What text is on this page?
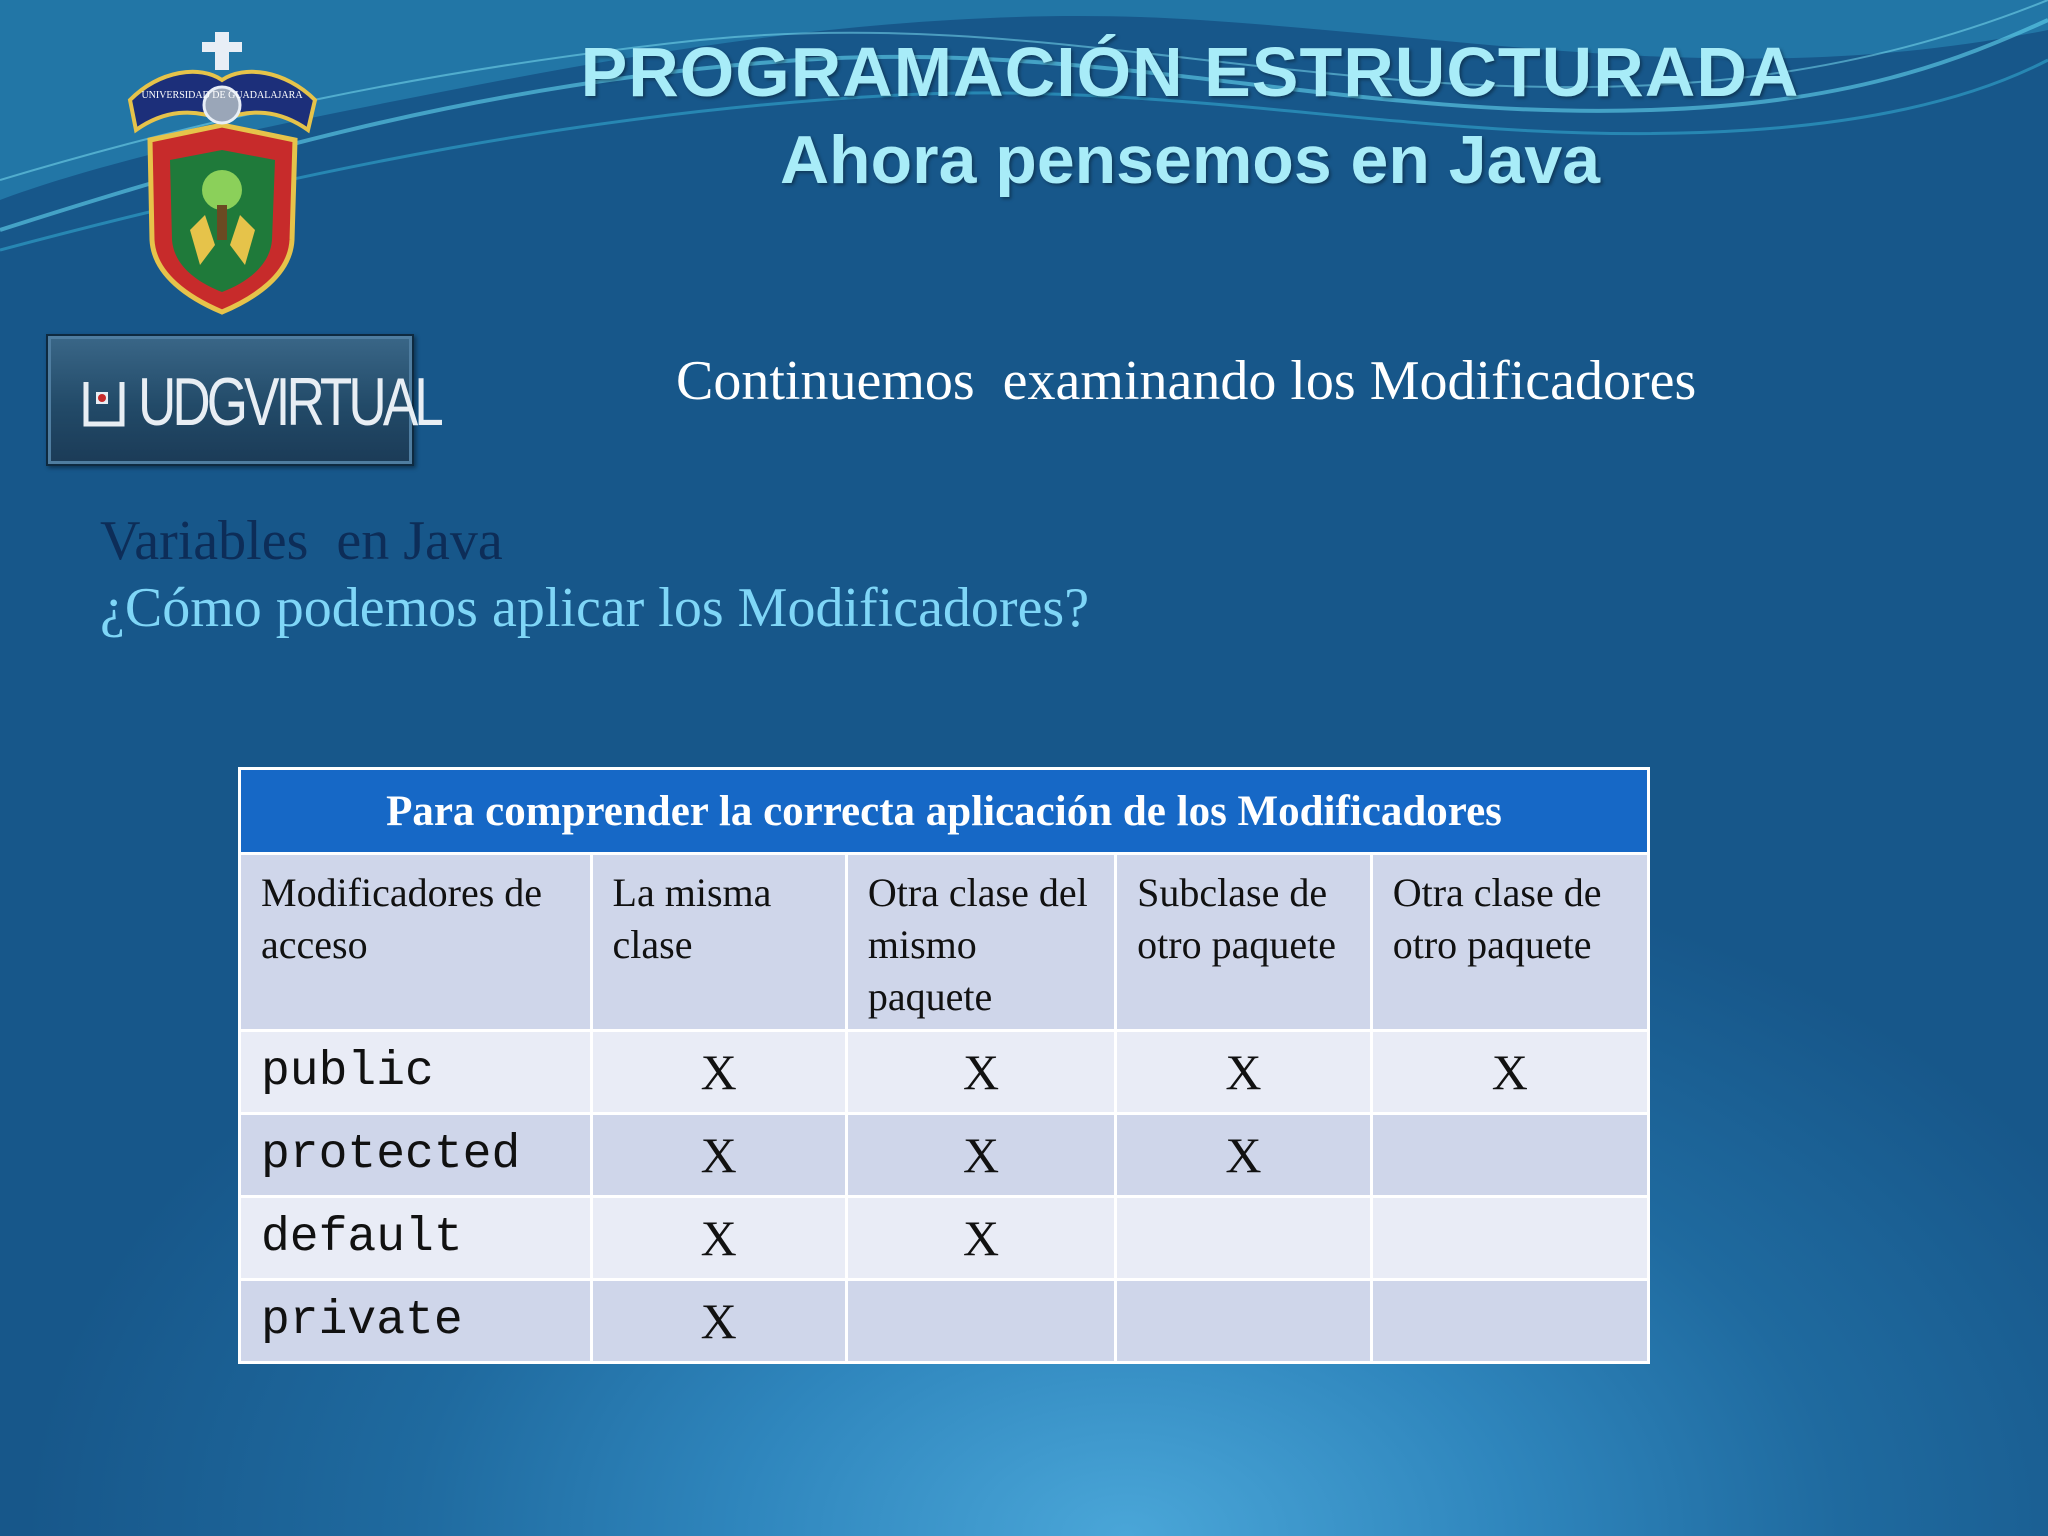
PROGRAMACIÓN ESTRUCTURADA
Ahora pensemos en Java
UNIVERSIDAD DE GUADALAJARA
UDGVIRTUAL	Continuemos  examinando los Modificadores
Variables  en Java
¿Cómo podemos aplicar los Modificadores?
Para comprender la correcta aplicación de los Modificadores				
Modificadores de acceso	La misma clase	Otra clase del mismo paquete	Subclase de otro paquete	Otra clase de otro paquete
public	X	X	X	X
protected	X	X	X	
default	X	X		
private	X			
